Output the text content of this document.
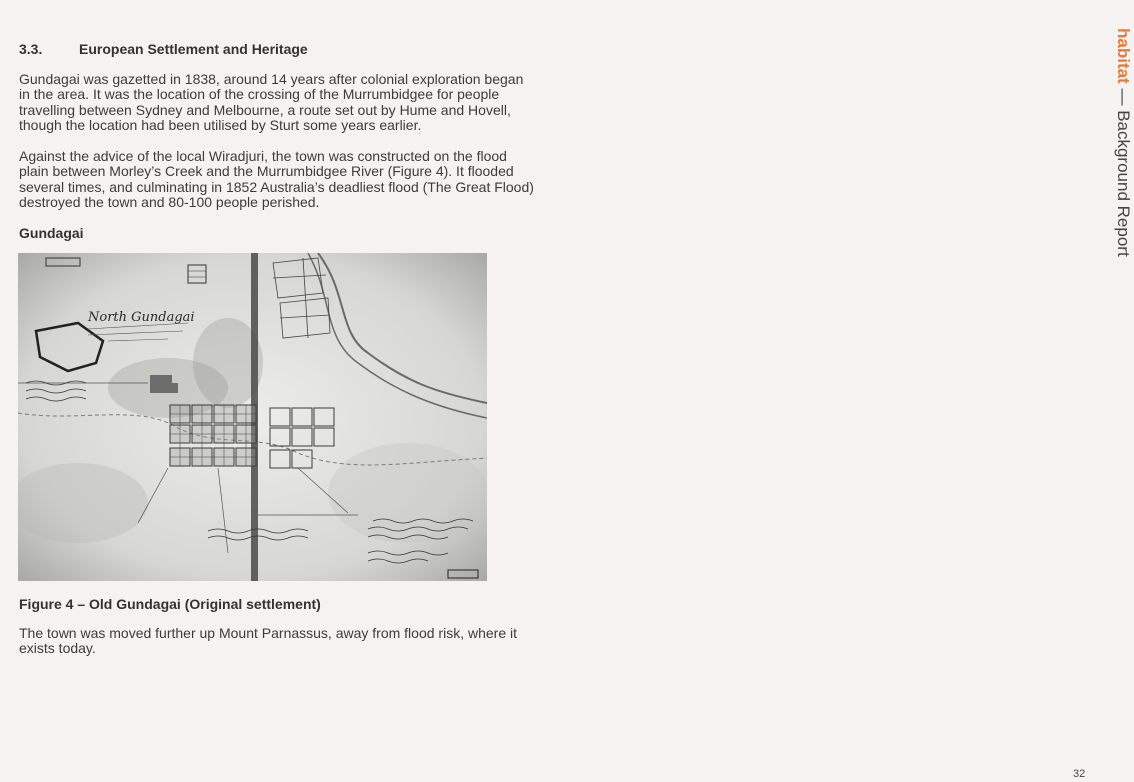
3.3.	European Settlement and Heritage

Gundagai was gazetted in 1838, around 14 years after colonial exploration began in the area. It was the location of the crossing of the Murrumbidgee for people travelling between Sydney and Melbourne, a route set out by Hume and Hovell, though the location had been utilised by Sturt some years earlier.

Against the advice of the local Wiradjuri, the town was constructed on the flood plain between Morley’s Creek and the Murrumbidgee River (Figure 4). It flooded several times, and culminating in 1852 Australia’s deadliest flood (The Great Flood) destroyed the town and 80-100 people perished.

Gundagai
North Gundagai
Figure 4 – Old Gundagai (Original settlement)

The town was moved further up Mount Parnassus, away from flood risk, where it exists today.

habitat — Background Report
32
